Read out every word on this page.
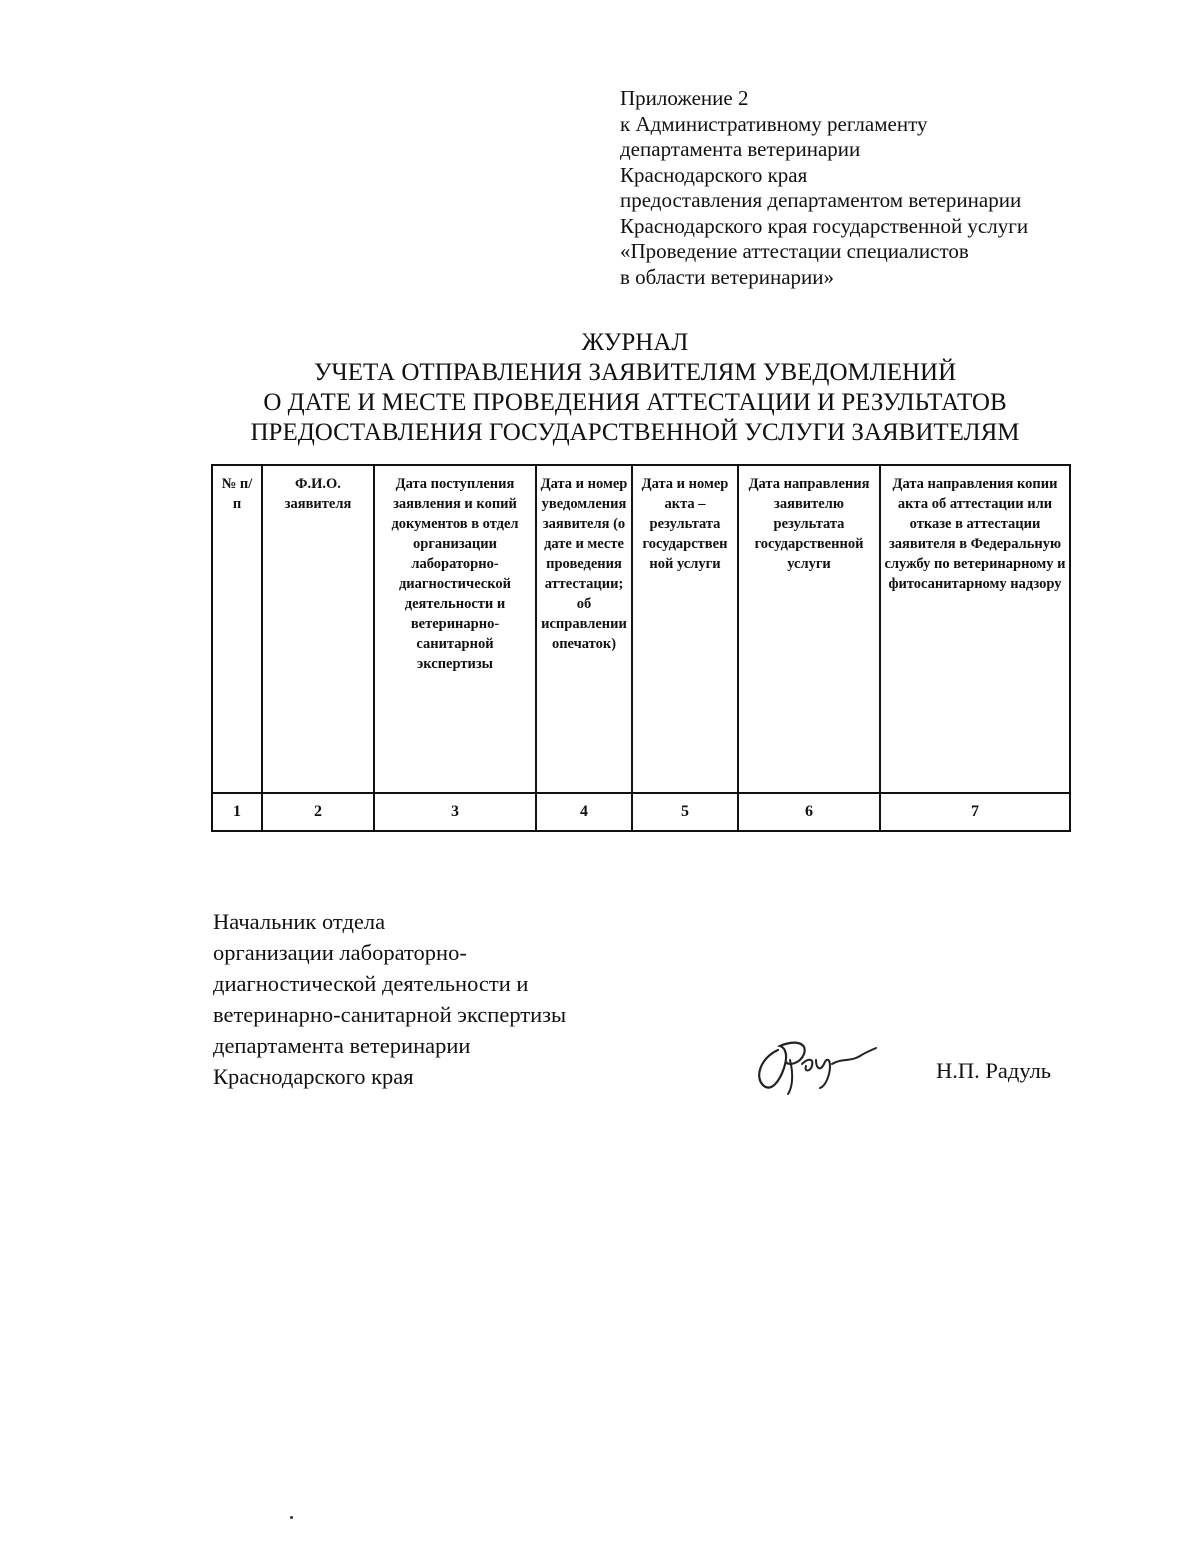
Приложение 2
к Административному регламенту
департамента ветеринарии
Краснодарского края
предоставления департаментом ветеринарии
Краснодарского края государственной услуги
«Проведение аттестации специалистов
в области ветеринарии»
ЖУРНАЛ
УЧЕТА ОТПРАВЛЕНИЯ ЗАЯВИТЕЛЯМ УВЕДОМЛЕНИЙ
О ДАТЕ И МЕСТЕ ПРОВЕДЕНИЯ АТТЕСТАЦИИ И РЕЗУЛЬТАТОВ
ПРЕДОСТАВЛЕНИЯ ГОСУДАРСТВЕННОЙ УСЛУГИ ЗАЯВИТЕЛЯМ
№ п/п	Ф.И.О. заявителя	Дата поступления заявления и копий документов в отдел организации лабораторно-диагностической деятельности и ветеринарно-санитарной экспертизы	Дата и номер уведомления заявителя (о дате и месте проведения аттестации; об исправлении опечаток)	Дата и номер акта – результата государственной услуги	Дата направления заявителю результата государственной услуги	Дата направления копии акта об аттестации или отказе в аттестации заявителя в Федеральную службу по ветеринарному и фитосанитарному надзору

1	2	3	4	5	6	7
Начальник отдела
организации лабораторно-
диагностической деятельности и
ветеринарно-санитарной экспертизы
департамента ветеринарии
Краснодарского края	Н.П. Радуль
